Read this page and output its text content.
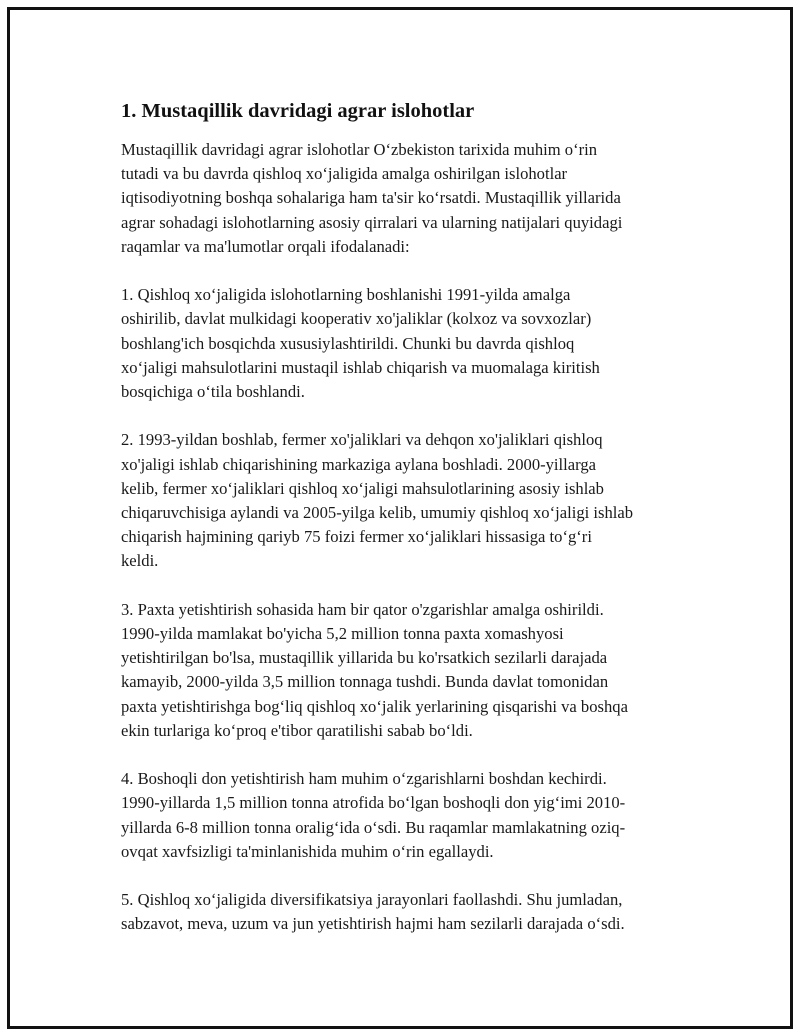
1. Mustaqillik davridagi agrar islohotlar

Mustaqillik davridagi agrar islohotlar O‘zbekiston tarixida muhim o‘rin
tutadi va bu davrda qishloq xo‘jaligida amalga oshirilgan islohotlar
iqtisodiyotning boshqa sohalariga ham ta'sir ko‘rsatdi. Mustaqillik yillarida
agrar sohadagi islohotlarning asosiy qirralari va ularning natijalari quyidagi
raqamlar va ma'lumotlar orqali ifodalanadi:

1. Qishloq xo‘jaligida islohotlarning boshlanishi 1991-yilda amalga
oshirilib, davlat mulkidagi kooperativ xo'jaliklar (kolxoz va sovxozlar)
boshlang'ich bosqichda xususiylashtirildi. Chunki bu davrda qishloq
xo‘jaligi mahsulotlarini mustaqil ishlab chiqarish va muomalaga kiritish
bosqichiga o‘tila boshlandi.

2. 1993-yildan boshlab, fermer xo'jaliklari va dehqon xo'jaliklari qishloq
xo'jaligi ishlab chiqarishining markaziga aylana boshladi. 2000-yillarga
kelib, fermer xo‘jaliklari qishloq xo‘jaligi mahsulotlarining asosiy ishlab
chiqaruvchisiga aylandi va 2005-yilga kelib, umumiy qishloq xo‘jaligi ishlab
chiqarish hajmining qariyb 75 foizi fermer xo‘jaliklari hissasiga to‘g‘ri
keldi.

3. Paxta yetishtirish sohasida ham bir qator o'zgarishlar amalga oshirildi.
1990-yilda mamlakat bo'yicha 5,2 million tonna paxta xomashyosi
yetishtirilgan bo'lsa, mustaqillik yillarida bu ko'rsatkich sezilarli darajada
kamayib, 2000-yilda 3,5 million tonnaga tushdi. Bunda davlat tomonidan
paxta yetishtirishga bog‘liq qishloq xo‘jalik yerlarining qisqarishi va boshqa
ekin turlariga ko‘proq e'tibor qaratilishi sabab bo‘ldi.

4. Boshoqli don yetishtirish ham muhim o‘zgarishlarni boshdan kechirdi.
1990-yillarda 1,5 million tonna atrofida bo‘lgan boshoqli don yig‘imi 2010-
yillarda 6-8 million tonna oralig‘ida o‘sdi. Bu raqamlar mamlakatning oziq-
ovqat xavfsizligi ta'minlanishida muhim o‘rin egallaydi.

5. Qishloq xo‘jaligida diversifikatsiya jarayonlari faollashdi. Shu jumladan,
sabzavot, meva, uzum va jun yetishtirish hajmi ham sezilarli darajada o‘sdi.
